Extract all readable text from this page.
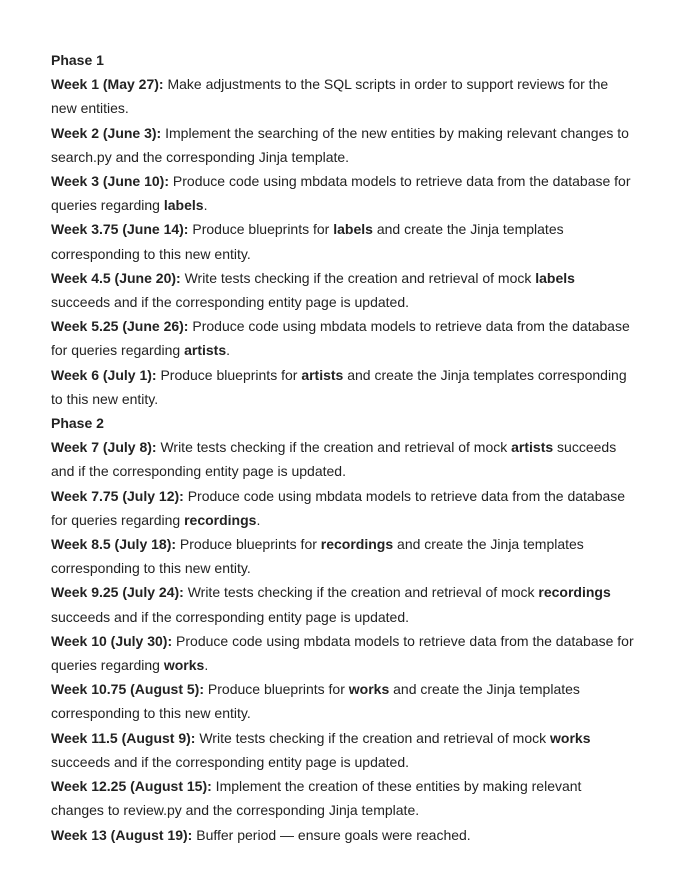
Phase 1

Week 1 (May 27): Make adjustments to the SQL scripts in order to support reviews for the new entities.

Week 2 (June 3): Implement the searching of the new entities by making relevant changes to search.py and the corresponding Jinja template.

Week 3 (June 10): Produce code using mbdata models to retrieve data from the database for queries regarding labels.

Week 3.75 (June 14): Produce blueprints for labels and create the Jinja templates corresponding to this new entity.

Week 4.5 (June 20): Write tests checking if the creation and retrieval of mock labels succeeds and if the corresponding entity page is updated.

Week 5.25 (June 26): Produce code using mbdata models to retrieve data from the database for queries regarding artists.

Week 6 (July 1): Produce blueprints for artists and create the Jinja templates corresponding to this new entity.

Phase 2

Week 7 (July 8): Write tests checking if the creation and retrieval of mock artists succeeds and if the corresponding entity page is updated.

Week 7.75 (July 12): Produce code using mbdata models to retrieve data from the database for queries regarding recordings.

Week 8.5 (July 18): Produce blueprints for recordings and create the Jinja templates corresponding to this new entity.

Week 9.25 (July 24): Write tests checking if the creation and retrieval of mock recordings succeeds and if the corresponding entity page is updated.

Week 10 (July 30): Produce code using mbdata models to retrieve data from the database for queries regarding works.

Week 10.75 (August 5): Produce blueprints for works and create the Jinja templates corresponding to this new entity.

Week 11.5 (August 9): Write tests checking if the creation and retrieval of mock works succeeds and if the corresponding entity page is updated.

Week 12.25 (August 15): Implement the creation of these entities by making relevant changes to review.py and the corresponding Jinja template.

Week 13 (August 19): Buffer period — ensure goals were reached.
